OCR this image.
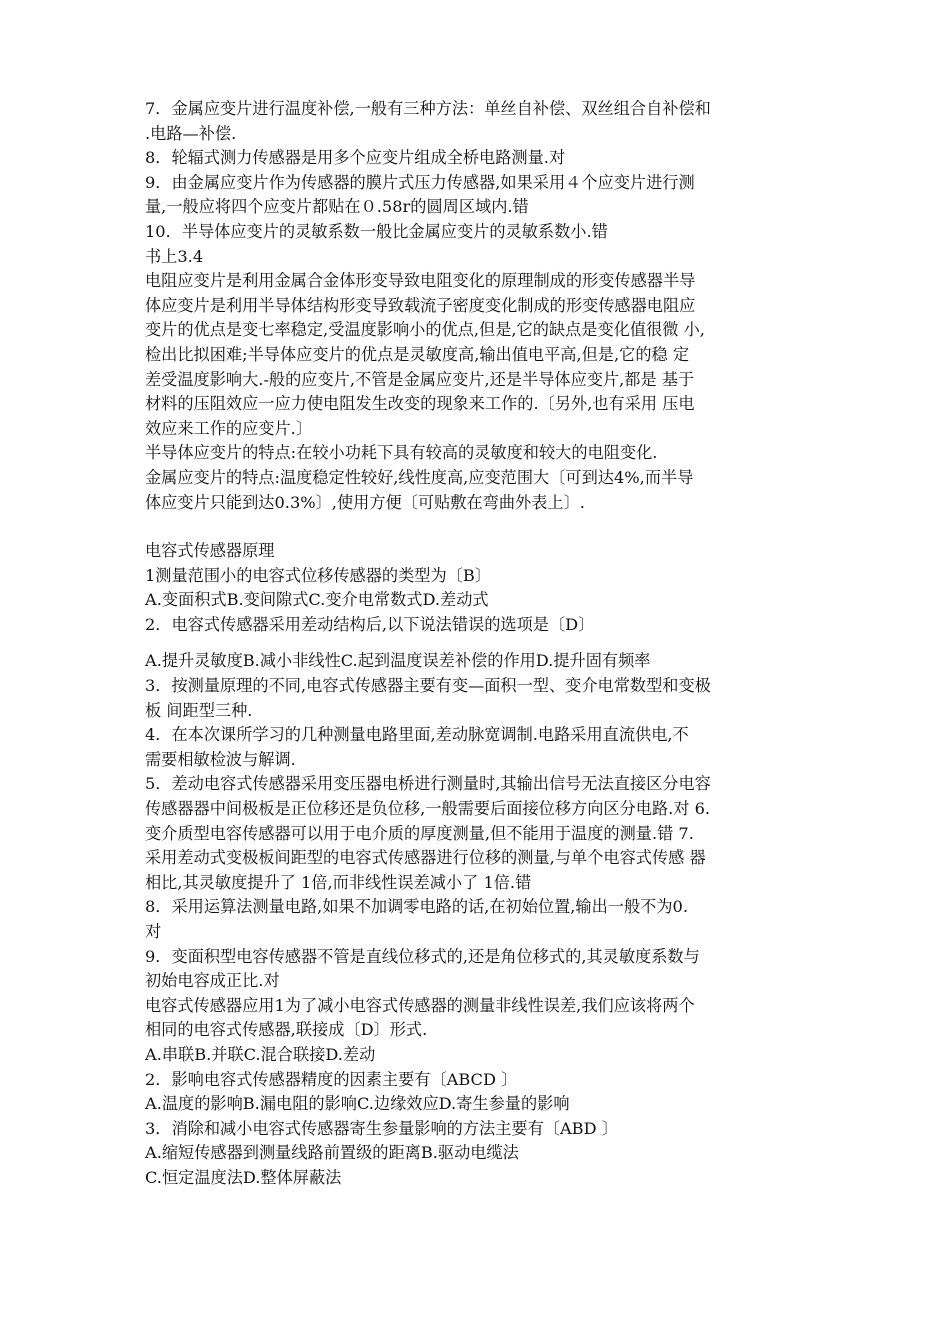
7．金属应变片进行温度补偿,一般有三种方法：单丝自补偿、双丝组合自补偿和
.电路—补偿.
8．轮辐式测力传感器是用多个应变片组成全桥电路测量.对
9．由金属应变片作为传感器的膜片式压力传感器,如果采用４个应变片进行测
量,一般应将四个应变片都贴在０.58r的圆周区域内.错
10．半导体应变片的灵敏系数一般比金属应变片的灵敏系数小.错
书上3.4
电阻应变片是利用金属合金体形变导致电阻变化的原理制成的形变传感器半导
体应变片是利用半导体结构形变导致载流子密度变化制成的形变传感器电阻应
变片的优点是变七率稳定,受温度影响小的优点,但是,它的缺点是变化值很微 小,
检出比拟困难;半导体应变片的优点是灵敏度高,输出值电平高,但是,它的稳 定
差受温度影响大.-般的应变片,不管是金属应变片,还是半导体应变片,都是 基于
材料的压阻效应一应力使电阻发生改变的现象来工作的.〔另外,也有采用 压电
效应来工作的应变片.〕
半导体应变片的特点:在较小功耗下具有较高的灵敏度和较大的电阻变化.
金属应变片的特点:温度稳定性较好,线性度高,应变范围大〔可到达4%,而半导
体应变片只能到达0.3%〕,使用方便〔可贴敷在弯曲外表上〕.
电容式传感器原理
1测量范围小的电容式位移传感器的类型为〔B〕
A.变面积式B.变间隙式C.变介电常数式D.差动式
2．电容式传感器采用差动结构后,以下说法错误的选项是〔D〕
A.提升灵敏度B.减小非线性C.起到温度误差补偿的作用D.提升固有频率
3．按测量原理的不同,电容式传感器主要有变—面积一型、变介电常数型和变极
板 间距型三种.
4．在本次课所学习的几种测量电路里面,差动脉宽调制.电路采用直流供电,不
需要相敏检波与解调.
5．差动电容式传感器采用变压器电桥进行测量时,其输出信号无法直接区分电容
传感器器中间极板是正位移还是负位移,一般需要后面接位移方向区分电路.对 6.
变介质型电容传感器可以用于电介质的厚度测量,但不能用于温度的测量.错 7.
采用差动式变极板间距型的电容式传感器进行位移的测量,与单个电容式传感 器
相比,其灵敏度提升了 1倍,而非线性误差减小了 1倍.错
8．采用运算法测量电路,如果不加调零电路的话,在初始位置,输出一般不为0.
对
9．变面积型电容传感器不管是直线位移式的,还是角位移式的,其灵敏度系数与
初始电容成正比.对
电容式传感器应用1为了减小电容式传感器的测量非线性误差,我们应该将两个
相同的电容式传感器,联接成〔D〕形式.
A.串联B.并联C.混合联接D.差动
2．影响电容式传感器精度的因素主要有〔ABCD 〕
A.温度的影响B.漏电阻的影响C.边缘效应D.寄生参量的影响
3．消除和减小电容式传感器寄生参量影响的方法主要有〔ABD 〕
A.缩短传感器到测量线路前置级的距离B.驱动电缆法
C.恒定温度法D.整体屏蔽法
